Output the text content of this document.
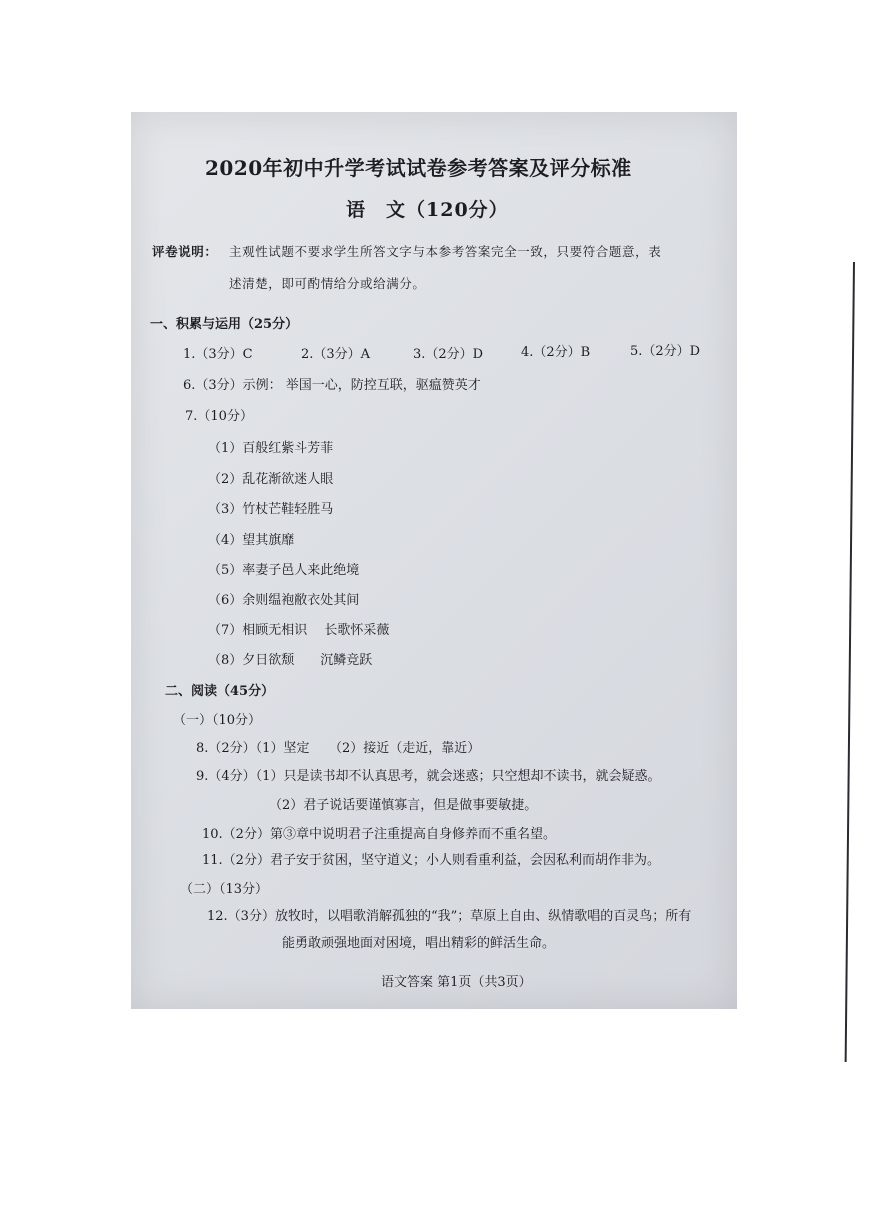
2020年初中升学考试试卷参考答案及评分标准
语　文（120分）
评卷说明： 主观性试题不要求学生所答文字与本参考答案完全一致，只要符合题意，表
述清楚，即可酌情给分或给满分。
一、积累与运用（25分）
1.（3分）C	2.（3分）A	3.（2分）D	4.（2分）B	5.（2分）D
6.（3分）示例： 举国一心，防控互联，驱瘟赞英才
7.（10分）
（1）百般红紫斗芳菲
（2）乱花渐欲迷人眼
（3）竹杖芒鞋轻胜马
（4）望其旗靡
（5）率妻子邑人来此绝境
（6）余则缊袍敝衣处其间
（7）相顾无相识　 长歌怀采薇
（8）夕日欲颓　　沉鳞竞跃
二、阅读（45分）
（一）（10分）
8.（2分）（1）坚定　　（2）接近（走近，靠近）
9.（4分）（1）只是读书却不认真思考，就会迷惑；只空想却不读书，就会疑惑。
（2）君子说话要谨慎寡言，但是做事要敏捷。
10.（2分）第③章中说明君子注重提高自身修养而不重名望。
11.（2分）君子安于贫困，坚守道义；小人则看重利益，会因私利而胡作非为。
（二）（13分）
12.（3分）放牧时，以唱歌消解孤独的“我”；草原上自由、纵情歌唱的百灵鸟；所有
能勇敢顽强地面对困境，唱出精彩的鲜活生命。
语文答案 第1页（共3页）
